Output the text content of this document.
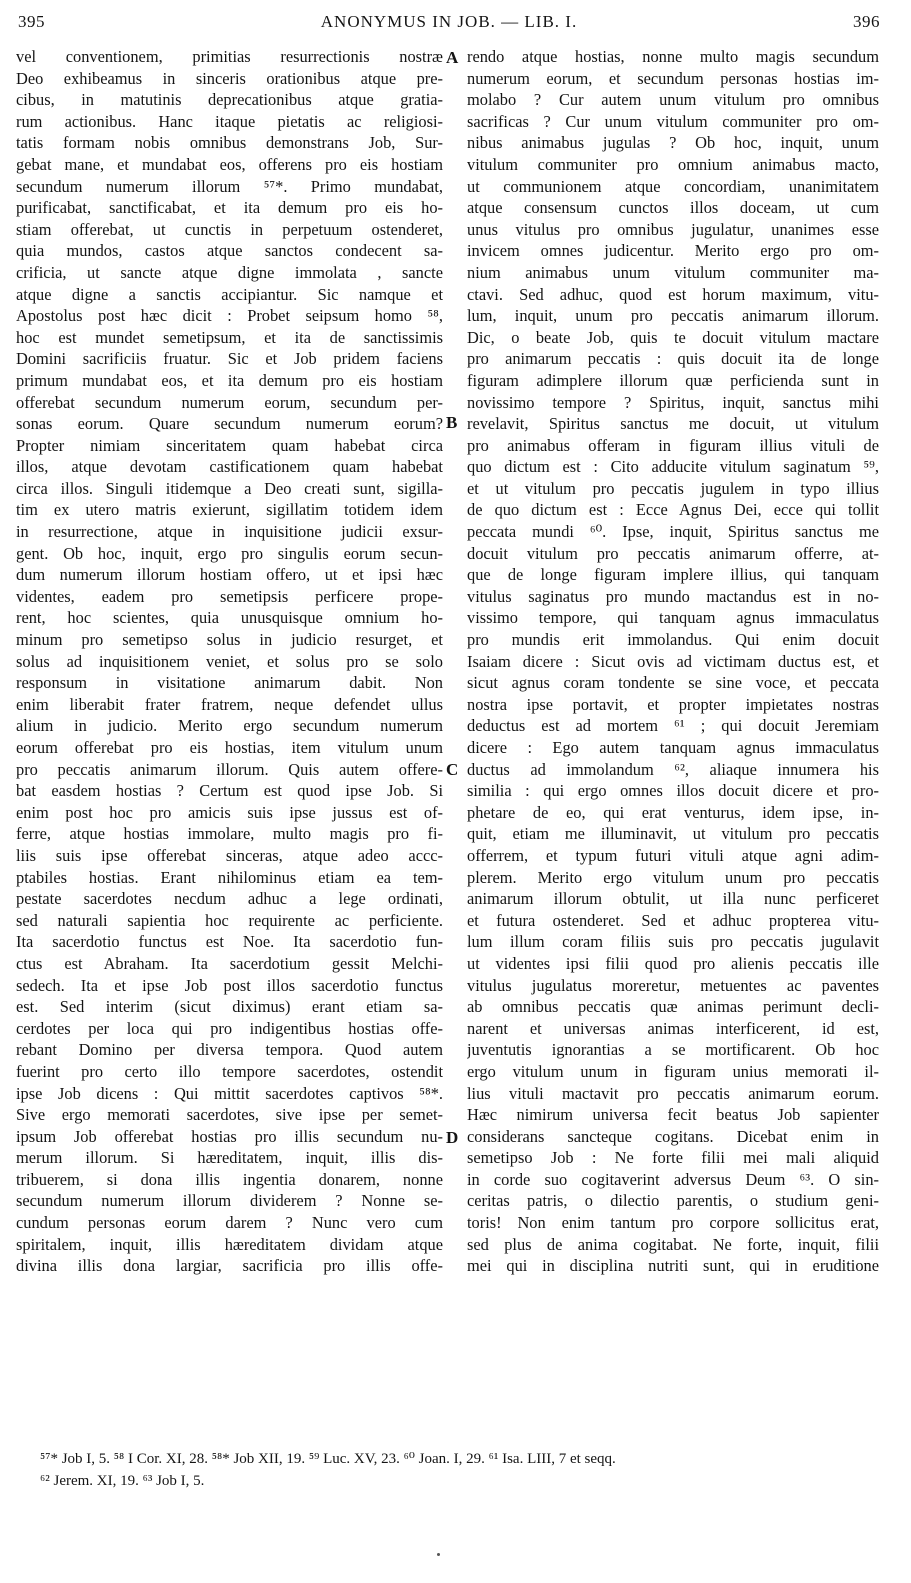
395	ANONYMUS IN JOB. — LIB. I.	396
vel conventionem, primitias resurrectionis nostræ
Deo exhibeamus in sinceris orationibus atque pre-
cibus, in matutinis deprecationibus atque gratia-
rum actionibus. Hanc itaque pietatis ac religiosi-
tatis formam nobis omnibus demonstrans Job, Sur-
gebat mane, et mundabat eos, offerens pro eis hostiam
secundum numerum illorum ⁵⁷*. Primo mundabat,
purificabat, sanctificabat, et ita demum pro eis ho-
stiam offerebat, ut cunctis in perpetuum ostenderet,
quia mundos, castos atque sanctos condecent sa-
crificia, ut sancte atque digne immolata , sancte
atque digne a sanctis accipiantur. Sic namque et
Apostolus post hæc dicit : Probet seipsum homo ⁵⁸,
hoc est mundet semetipsum, et ita de sanctissimis
Domini sacrificiis fruatur. Sic et Job pridem faciens
primum mundabat eos, et ita demum pro eis hostiam
offerebat secundum numerum eorum, secundum per-
sonas eorum. Quare secundum numerum eorum?
Propter nimiam sinceritatem quam habebat circa
illos, atque devotam castificationem quam habebat
circa illos. Singuli itidemque a Deo creati sunt, sigilla-
tim ex utero matris exierunt, sigillatim totidem idem
in resurrectione, atque in inquisitione judicii exsur-
gent. Ob hoc, inquit, ergo pro singulis eorum secun-
dum numerum illorum hostiam offero, ut et ipsi hæc
videntes, eadem pro semetipsis perficere prope-
rent, hoc scientes, quia unusquisque omnium ho-
minum pro semetipso solus in judicio resurget, et
solus ad inquisitionem veniet, et solus pro se solo
responsum in visitatione animarum dabit. Non
enim liberabit frater fratrem, neque defendet ullus
alium in judicio. Merito ergo secundum numerum
eorum offerebat pro eis hostias, item vitulum unum
pro peccatis animarum illorum. Quis autem offere-
bat easdem hostias ? Certum est quod ipse Job. Si
enim post hoc pro amicis suis ipse jussus est of-
ferre, atque hostias immolare, multo magis pro fi-
liis suis ipse offerebat sinceras, atque adeo accc-
ptabiles hostias. Erant nihilominus etiam ea tem-
pestate sacerdotes necdum adhuc a lege ordinati,
sed naturali sapientia hoc requirente ac perficiente.
Ita sacerdotio functus est Noe. Ita sacerdotio fun-
ctus est Abraham. Ita sacerdotium gessit Melchi-
sedech. Ita et ipse Job post illos sacerdotio functus
est. Sed interim (sicut diximus) erant etiam sa-
cerdotes per loca qui pro indigentibus hostias offe-
rebant Domino per diversa tempora. Quod autem
fuerint pro certo illo tempore sacerdotes, ostendit
ipse Job dicens : Qui mittit sacerdotes captivos ⁵⁸*.
Sive ergo memorati sacerdotes, sive ipse per semet-
ipsum Job offerebat hostias pro illis secundum nu-
merum illorum. Si hæreditatem, inquit, illis dis-
tribuerem, si dona illis ingentia donarem, nonne
secundum numerum illorum dividerem ? Nonne se-
cundum personas eorum darem ? Nunc vero cum
spiritalem, inquit, illis hæreditatem dividam atque
divina illis dona largiar, sacrificia pro illis offe-
rendo atque hostias, nonne multo magis secundum
numerum eorum, et secundum personas hostias im-
molabo ? Cur autem unum vitulum pro omnibus
sacrificas ? Cur unum vitulum communiter pro om-
nibus animabus jugulas ? Ob hoc, inquit, unum
vitulum communiter pro omnium animabus macto,
ut communionem atque concordiam, unanimitatem
atque consensum cunctos illos doceam, ut cum
unus vitulus pro omnibus jugulatur, unanimes esse
invicem omnes judicentur. Merito ergo pro om-
nium animabus unum vitulum communiter ma-
ctavi. Sed adhuc, quod est horum maximum, vitu-
lum, inquit, unum pro peccatis animarum illorum.
Dic, o beate Job, quis te docuit vitulum mactare
pro animarum peccatis : quis docuit ita de longe
figuram adimplere illorum quæ perficienda sunt in
novissimo tempore ? Spiritus, inquit, sanctus mihi
revelavit, Spiritus sanctus me docuit, ut vitulum
pro animabus offeram in figuram illius vituli de
quo dictum est : Cito adducite vitulum saginatum ⁵⁹,
et ut vitulum pro peccatis jugulem in typo illius
de quo dictum est : Ecce Agnus Dei, ecce qui tollit
peccata mundi ⁶⁰. Ipse, inquit, Spiritus sanctus me
docuit vitulum pro peccatis animarum offerre, at-
que de longe figuram implere illius, qui tanquam
vitulus saginatus pro mundo mactandus est in no-
vissimo tempore, qui tanquam agnus immaculatus
pro mundis erit immolandus. Qui enim docuit
Isaiam dicere : Sicut ovis ad victimam ductus est, et
sicut agnus coram tondente se sine voce, et peccata
nostra ipse portavit, et propter impietates nostras
deductus est ad mortem ⁶¹ ; qui docuit Jeremiam
dicere : Ego autem tanquam agnus immaculatus
ductus ad immolandum ⁶², aliaque innumera his
similia : qui ergo omnes illos docuit dicere et pro-
phetare de eo, qui erat venturus, idem ipse, in-
quit, etiam me illuminavit, ut vitulum pro peccatis
offerrem, et typum futuri vituli atque agni adim-
plerem. Merito ergo vitulum unum pro peccatis
animarum illorum obtulit, ut illa nunc perficeret
et futura ostenderet. Sed et adhuc propterea vitu-
lum illum coram filiis suis pro peccatis jugulavit
ut videntes ipsi filii quod pro alienis peccatis ille
vitulus jugulatus moreretur, metuentes ac paventes
ab omnibus peccatis quæ animas perimunt decli-
narent et universas animas interficerent, id est,
juventutis ignorantias a se mortificarent. Ob hoc
ergo vitulum unum in figuram unius memorati il-
lius vituli mactavit pro peccatis animarum eorum.
Hæc nimirum universa fecit beatus Job sapienter
considerans sancteque cogitans. Dicebat enim in
semetipso Job : Ne forte filii mei mali aliquid
in corde suo cogitaverint adversus Deum ⁶³. O sin-
ceritas patris, o dilectio parentis, o studium geni-
toris! Non enim tantum pro corpore sollicitus erat,
sed plus de anima cogitabat. Ne forte, inquit, filii
mei qui in disciplina nutriti sunt, qui in eruditione
A
B
C
D
⁵⁷* Job I, 5. ⁵⁸ I Cor. XI, 28. ⁵⁸* Job XII, 19. ⁵⁹ Luc. XV, 23. ⁶⁰ Joan. I, 29. ⁶¹ Isa. LIII, 7 et seqq.
⁶² Jerem. XI, 19. ⁶³ Job I, 5.
